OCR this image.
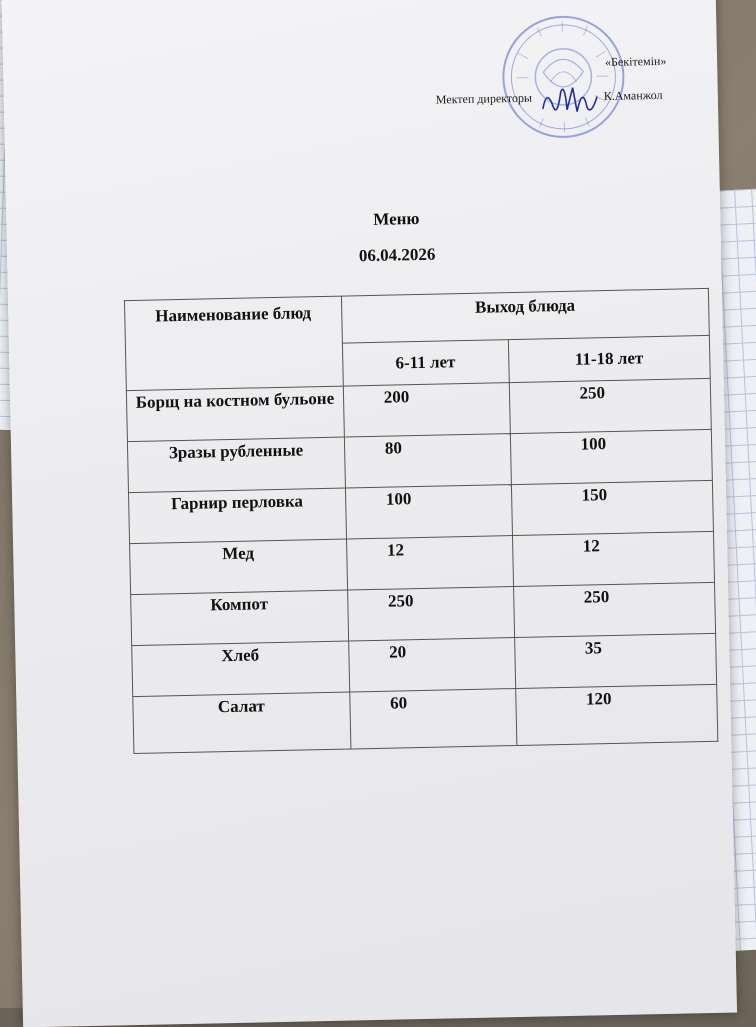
«Бекітемін»
Мектеп директоры	К.Аманжол
Меню
06.04.2026
Наименование блюд	Выход блюда	
	6-11 лет	11-18 лет
Борщ на костном бульоне	200	250
Зразы рубленные	80	100
Гарнир перловка	100	150
Мед	12	12
Компот	250	250
Хлеб	20	35
Салат	60	120
